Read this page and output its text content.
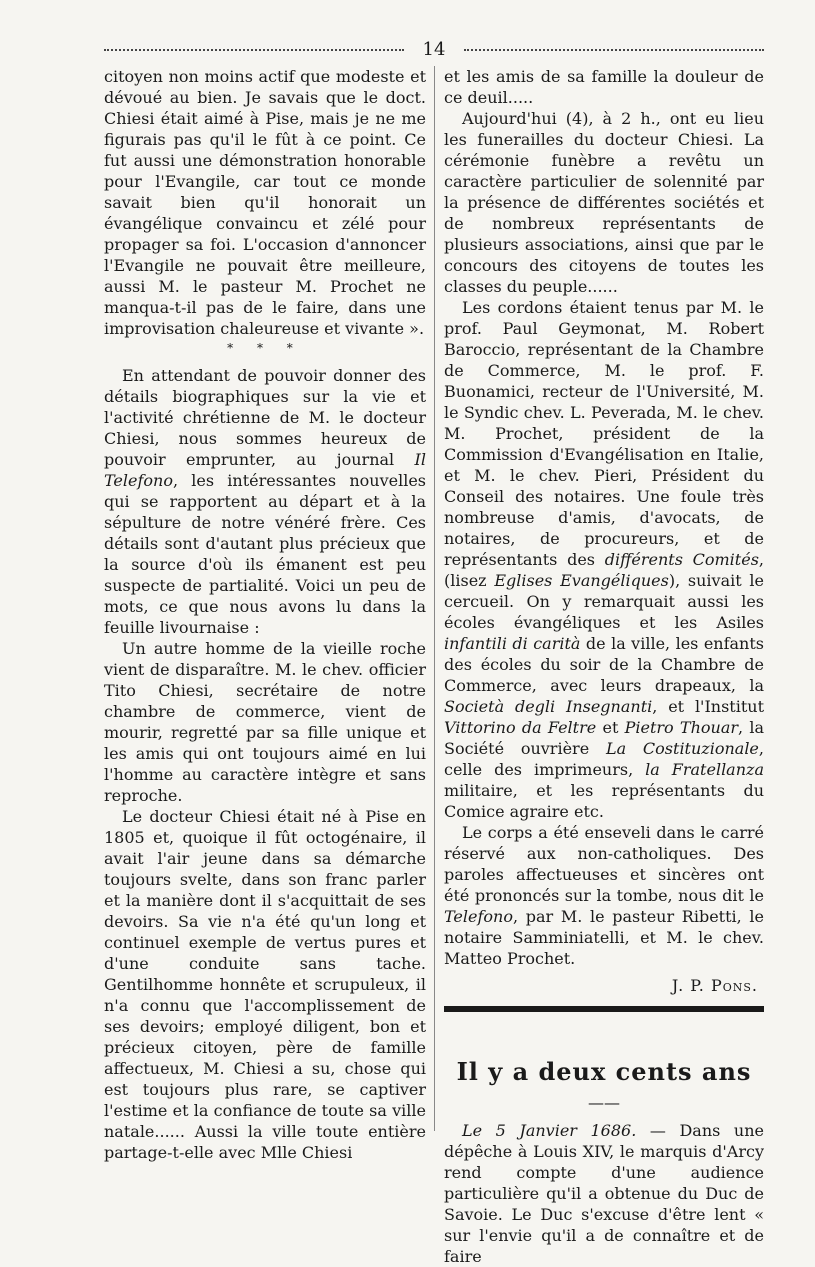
14

citoyen non moins actif que modeste et dévoué au bien. Je savais que le doct. Chiesi était aimé à Pise, mais je ne me figurais pas qu'il le fût à ce point. Ce fut aussi une démonstration honorable pour l'Evangile, car tout ce monde savait bien qu'il honorait un évangélique convaincu et zélé pour propager sa foi. L'occasion d'annoncer l'Evangile ne pouvait être meilleure, aussi M. le pasteur M. Prochet ne manqua-t-il pas de le faire, dans une improvisation chaleureuse et vivante ».

* * *

En attendant de pouvoir donner des détails biographiques sur la vie et l'activité chrétienne de M. le docteur Chiesi, nous sommes heureux de pouvoir emprunter, au journal Il Telefono, les intéressantes nouvelles qui se rapportent au départ et à la sépulture de notre vénéré frère. Ces détails sont d'autant plus précieux que la source d'où ils émanent est peu suspecte de partialité. Voici un peu de mots, ce que nous avons lu dans la feuille livournaise :

Un autre homme de la vieille roche vient de disparaître. M. le chev. officier Tito Chiesi, secrétaire de notre chambre de commerce, vient de mourir, regretté par sa fille unique et les amis qui ont toujours aimé en lui l'homme au caractère intègre et sans reproche.

Le docteur Chiesi était né à Pise en 1805 et, quoique il fût octogénaire, il avait l'air jeune dans sa démarche toujours svelte, dans son franc parler et la manière dont il s'acquittait de ses devoirs. Sa vie n'a été qu'un long et continuel exemple de vertus pures et d'une conduite sans tache. Gentilhomme honnête et scrupuleux, il n'a connu que l'accomplissement de ses devoirs; employé diligent, bon et précieux citoyen, père de famille affectueux, M. Chiesi a su, chose qui est toujours plus rare, se captiver l'estime et la confiance de toute sa ville natale...... Aussi la ville toute entière partage-t-elle avec Mlle Chiesi

et les amis de sa famille la douleur de ce deuil.....

Aujourd'hui (4), à 2 h., ont eu lieu les funerailles du docteur Chiesi. La cérémonie funèbre a revêtu un caractère particulier de solennité par la présence de différentes sociétés et de nombreux représentants de plusieurs associations, ainsi que par le concours des citoyens de toutes les classes du peuple......

Les cordons étaient tenus par M. le prof. Paul Geymonat, M. Robert Baroccio, représentant de la Chambre de Commerce, M. le prof. F. Buonamici, recteur de l'Université, M. le Syndic chev. L. Peverada, M. le chev. M. Prochet, président de la Commission d'Evangélisation en Italie, et M. le chev. Pieri, Président du Conseil des notaires. Une foule très nombreuse d'amis, d'avocats, de notaires, de procureurs, et de représentants des différents Comités, (lisez Eglises Evangéliques), suivait le cercueil. On y remarquait aussi les écoles évangéliques et les Asiles infantili di carità de la ville, les enfants des écoles du soir de la Chambre de Commerce, avec leurs drapeaux, la Società degli Insegnanti, et l'Institut Vittorino da Feltre et Pietro Thouar, la Société ouvrière La Costituzionale, celle des imprimeurs, la Fratellanza militaire, et les représentants du Comice agraire etc.

Le corps a été enseveli dans le carré réservé aux non-catholiques. Des paroles affectueuses et sincères ont été prononcés sur la tombe, nous dit le Telefono, par M. le pasteur Ribetti, le notaire Samminiatelli, et M. le chev. Matteo Prochet.

J. P. Pons.
Il y a deux cents ans
——

Le 5 Janvier 1686. — Dans une dépêche à Louis XIV, le marquis d'Arcy rend compte d'une audience particulière qu'il a obtenue du Duc de Savoie. Le Duc s'excuse d'être lent « sur l'envie qu'il a de connaître et de faire
